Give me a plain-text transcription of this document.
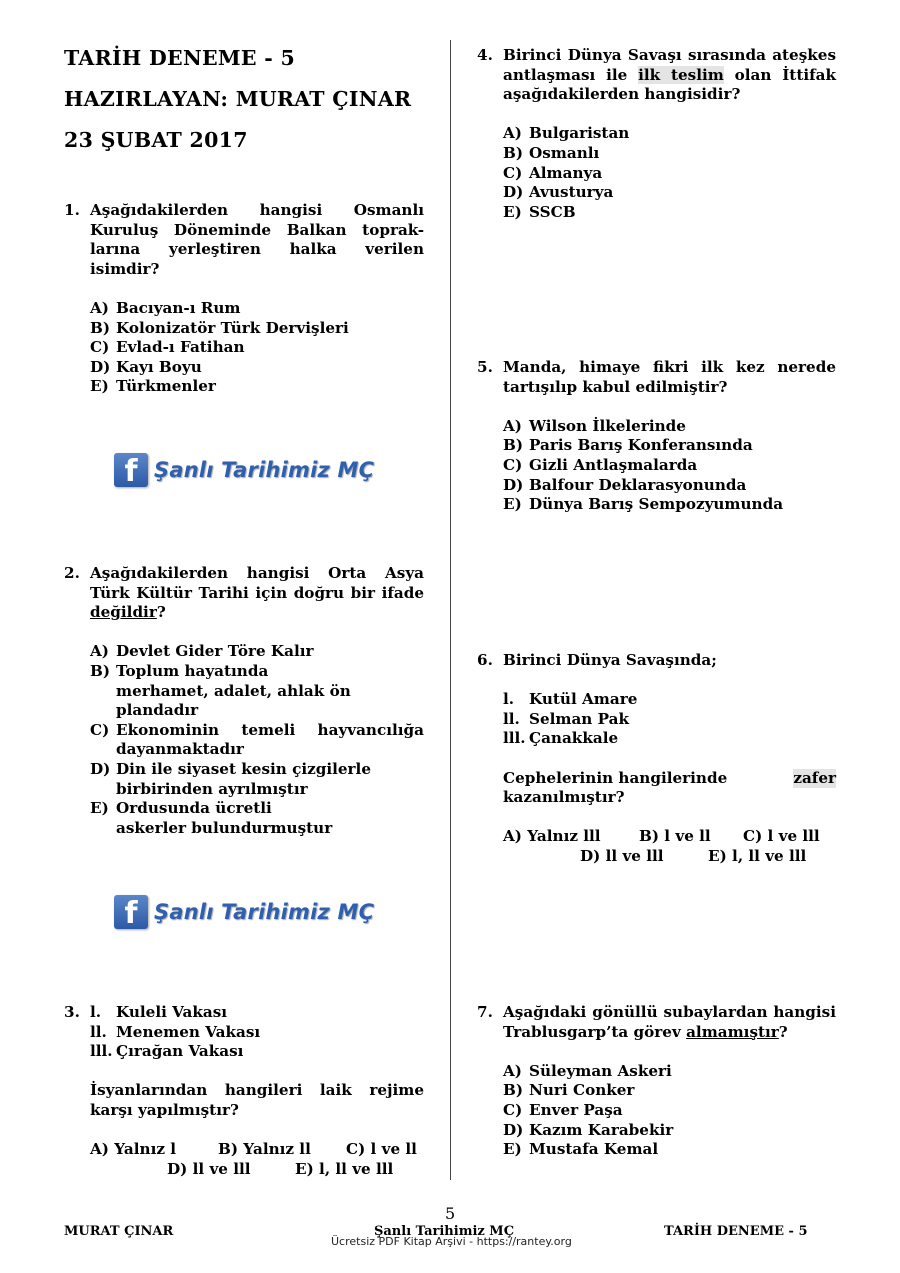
TARİH DENEME - 5
HAZIRLAYAN: MURAT ÇINAR
23 ŞUBAT 2017
1. Aşağıdakilerden hangisi Osmanlı Kuruluş Döneminde Balkan toprak-larına yerleştiren halka verilen isimdir?
A) Bacıyan-ı Rum
B) Kolonizatör Türk Dervişleri
C) Evlad-ı Fatihan
D) Kayı Boyu
E) Türkmenler
f Şanlı Tarihimiz MÇ
2. Aşağıdakilerden hangisi Orta Asya Türk Kültür Tarihi için doğru bir ifade değildir?
A) Devlet Gider Töre Kalır
B) Toplum hayatında merhamet, adalet, ahlak ön plandadır
C) Ekonominin temeli hayvancılığa dayanmaktadır
D) Din ile siyaset kesin çizgilerle birbirinden ayrılmıştır
E) Ordusunda ücretli askerler bulundurmuştur
f Şanlı Tarihimiz MÇ
3. l. Kuleli Vakası
ll. Menemen Vakası
lll. Çırağan Vakası
İsyanlarından hangileri laik rejime karşı yapılmıştır?
A) Yalnız l	B) Yalnız ll C) l ve ll
D) ll ve lll	E) l, ll ve lll
4. Birinci Dünya Savaşı sırasında ateşkes antlaşması ile ilk teslim olan İttifak aşağıdakilerden hangisidir?
A) Bulgaristan
B) Osmanlı
C) Almanya
D) Avusturya
E) SSCB
5. Manda, himaye fikri ilk kez nerede tartışılıp kabul edilmiştir?
A) Wilson İlkelerinde
B) Paris Barış Konferansında
C) Gizli Antlaşmalarda
D) Balfour Deklarasyonunda
E) Dünya Barış Sempozyumunda
6. Birinci Dünya Savaşında;
l. Kutül Amare
ll. Selman Pak
lll. Çanakkale
Cephelerinin hangilerinde	zafer
kazanılmıştır?
A) Yalnız lll	B) l ve ll C) l ve lll
D) ll ve lll	E) l, ll ve lll
7. Aşağıdaki gönüllü subaylardan hangisi Trablusgarp’ta görev almamıştır?
A) Süleyman Askeri
B) Nuri Conker
C) Enver Paşa
D) Kazım Karabekir
E) Mustafa Kemal
5
MURAT ÇINAR	Şanlı Tarihimiz MÇ	TARİH DENEME - 5
Ücretsiz PDF Kitap Arşivi - https://rantey.org
